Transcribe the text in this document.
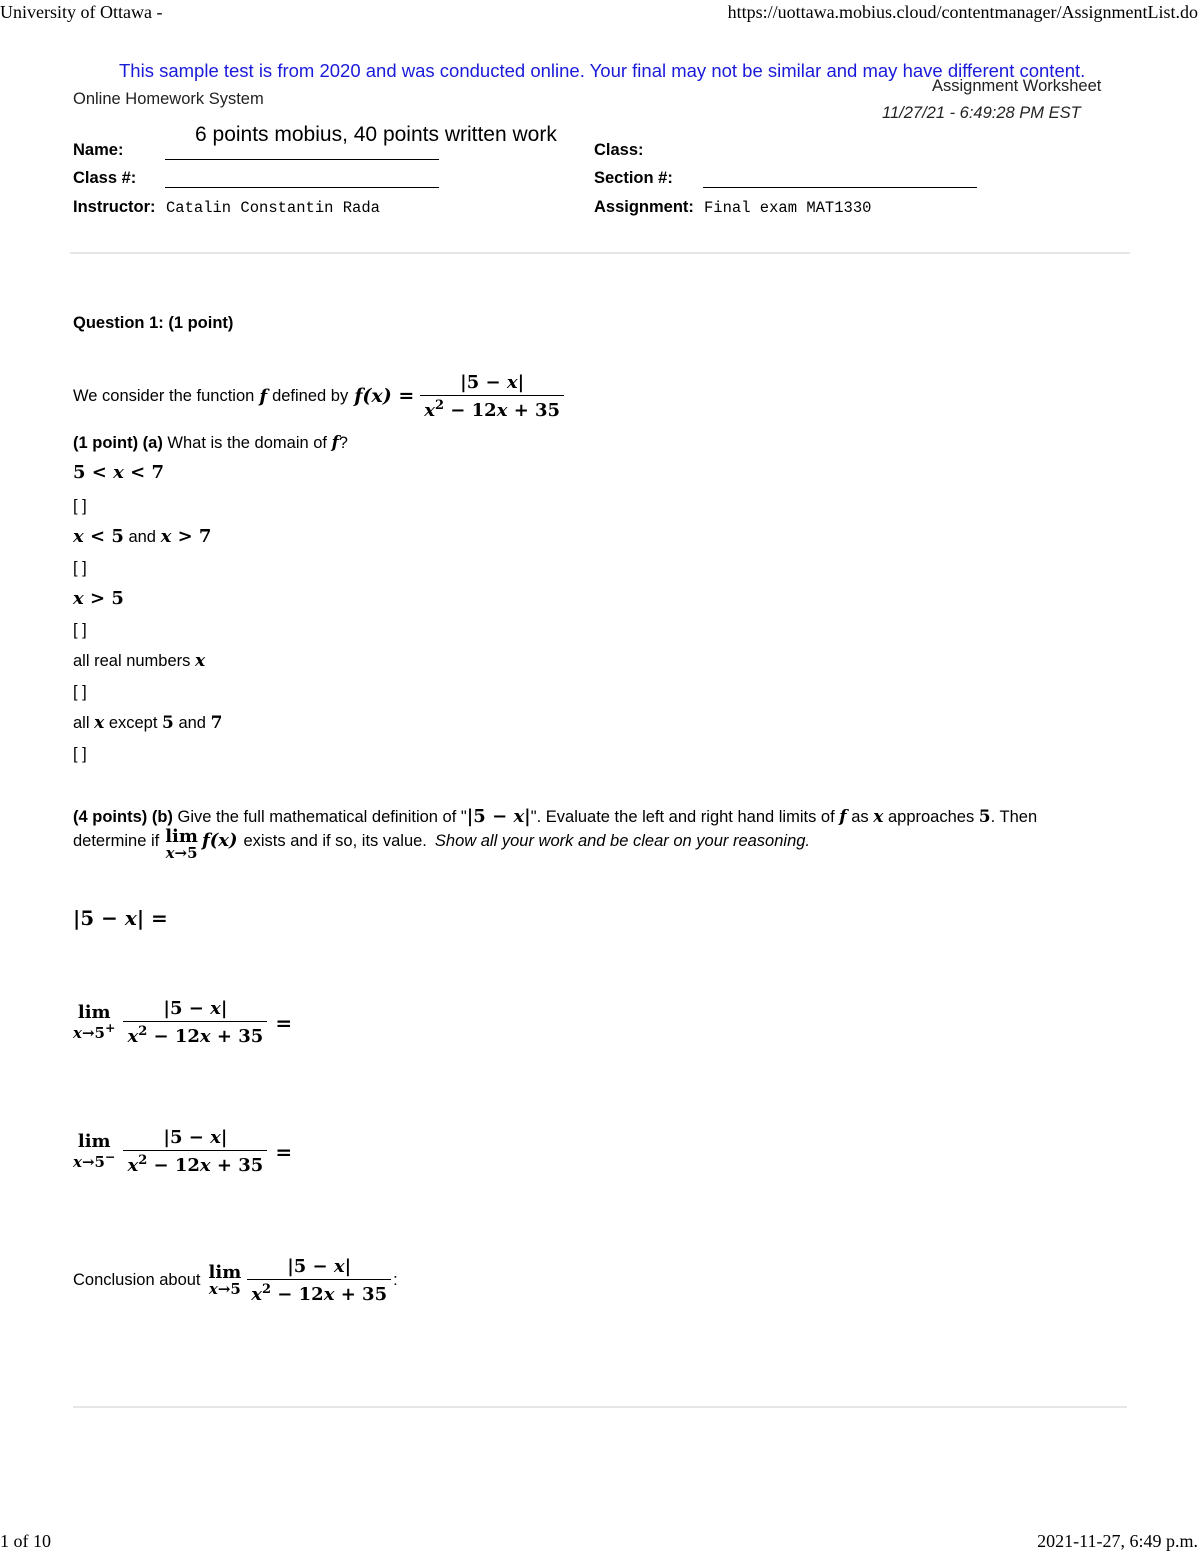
University of Ottawa -	https://uottawa.mobius.cloud/contentmanager/AssignmentList.do
This sample test is from 2020 and was conducted online. Your final may not be similar and may have different content.
Online Homework System
Assignment Worksheet
11/27/21 - 6:49:28 PM EST
Name:
6 points mobius, 40 points written work
Class:
Class #:	Section #:
Instructor: Catalin Constantin Rada	Assignment: Final exam MAT1330
Question 1: (1 point)
We consider the function f defined by $f(x) = \frac{|5 - x|}{x^2 - 12x + 35}$
(1 point) (a) What is the domain of f?
5 < x < 7
[ ]
x < 5 and x > 7
[ ]
x > 5
[ ]
all real numbers x
[ ]
all x except 5 and 7
[ ]
(4 points) (b) Give the full mathematical definition of "|5 − x|". Evaluate the left and right hand limits of f as x approaches 5. Then
determine if lim
x→5
f(x) exists and if so, its value. Show all your work and be clear on your reasoning.
|5 − x| =
lim
$x\to 5^+ \frac{|5 - x|}{x^2 - 12x + 35}$ =
lim
$x\to 5^- \frac{|5 - x|}{x^2 - 12x + 35}$ =
Conclusion about lim
$x\to 5 \frac{|5 - x|}{x^2 - 12x + 35}$ :
1 of 10	2021-11-27, 6:49 p.m.
